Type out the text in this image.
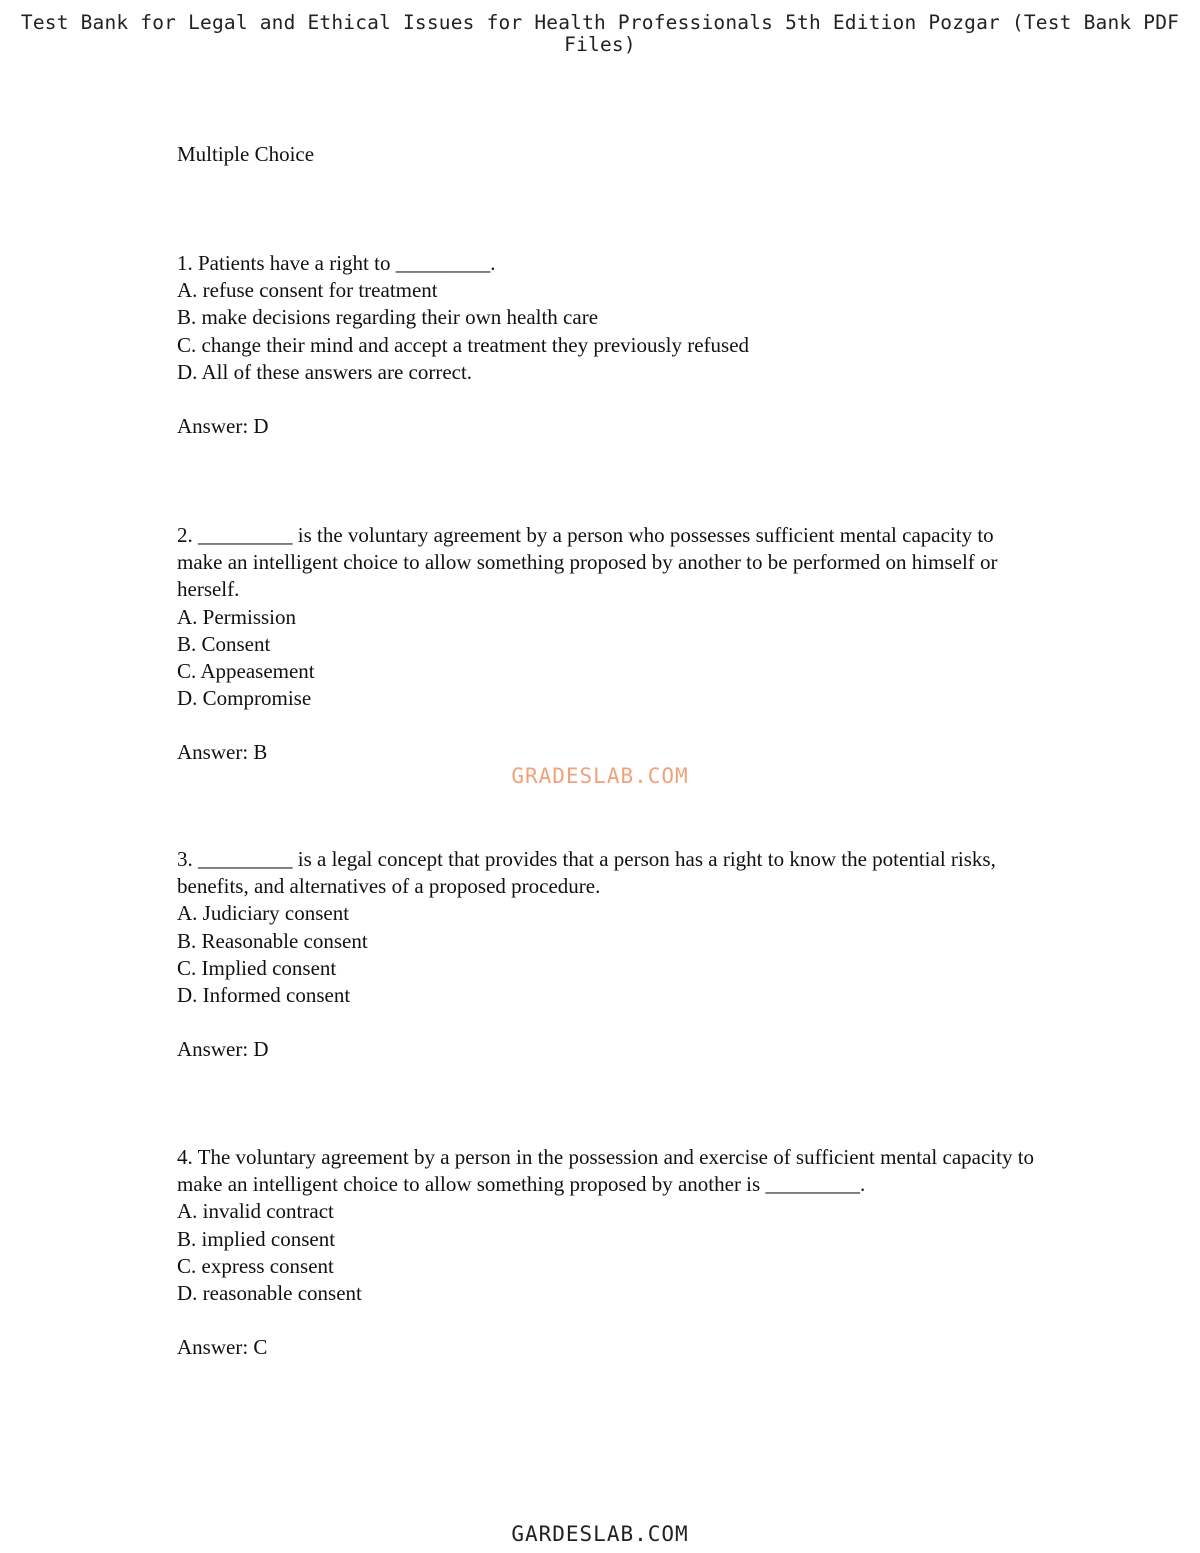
Test Bank for Legal and Ethical Issues for Health Professionals 5th Edition Pozgar (Test Bank PDF Files)

Multiple Choice

1. Patients have a right to _________.

A. refuse consent for treatment

B. make decisions regarding their own health care

C. change their mind and accept a treatment they previously refused

D. All of these answers are correct.

Answer: D

2. _________ is the voluntary agreement by a person who possesses sufficient mental capacity to make an intelligent choice to allow something proposed by another to be performed on himself or herself.

A. Permission

B. Consent

C. Appeasement

D. Compromise

Answer: B

3. _________ is a legal concept that provides that a person has a right to know the potential risks, benefits, and alternatives of a proposed procedure.

A. Judiciary consent

B. Reasonable consent

C. Implied consent

D. Informed consent

Answer: D

4. The voluntary agreement by a person in the possession and exercise of sufficient mental capacity to make an intelligent choice to allow something proposed by another is _________.

A. invalid contract

B. implied consent

C. express consent

D. reasonable consent

Answer: C

GRADESLAB.COM
GARDESLAB.COM
